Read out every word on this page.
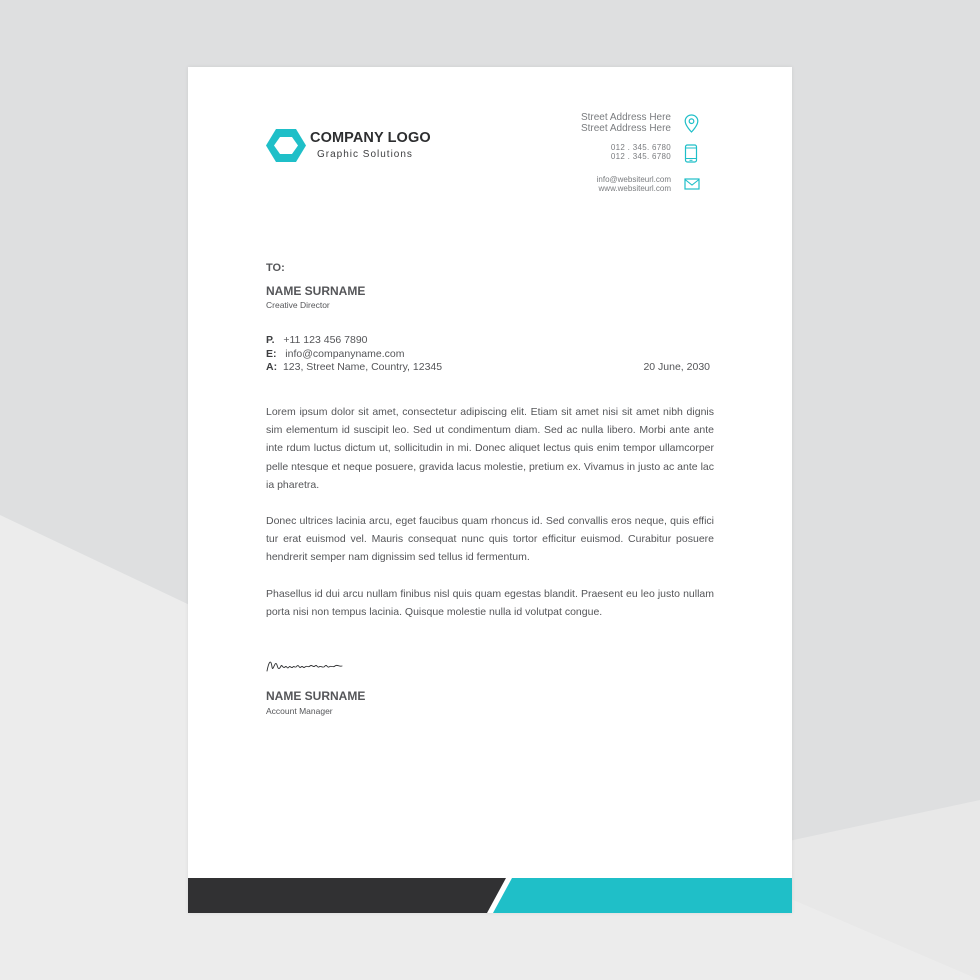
COMPANY LOGO
Graphic Solutions
Street Address Here
Street Address Here
012 . 345. 6780
012 . 345. 6780
info@websiteurl.com
www.websiteurl.com
TO:
NAME SURNAME
Creative Director
P. +11 123 456 7890
E: info@companyname.com
A: 123, Street Name, Country, 12345	20 June, 2030

Lorem ipsum dolor sit amet, consectetur adipiscing elit. Etiam sit amet nisi sit amet nibh dignis sim elementum id suscipit leo. Sed ut condimentum diam. Sed ac nulla libero. Morbi ante ante inte rdum luctus dictum ut, sollicitudin in mi. Donec aliquet lectus quis enim tempor ullamcorper pelle ntesque et neque posuere, gravida lacus molestie, pretium ex. Vivamus in justo ac ante lac ia pharetra.

Donec ultrices lacinia arcu, eget faucibus quam rhoncus id. Sed convallis eros neque, quis effici tur erat euismod vel. Mauris consequat nunc quis tortor efficitur euismod. Curabitur posuere hendrerit semper nam dignissim sed tellus id fermentum.

Phasellus id dui arcu nullam finibus nisl quis quam egestas blandit. Praesent eu leo justo nullam porta nisi non tempus lacinia. Quisque molestie nulla id volutpat congue.

NAME SURNAME
Account Manager
